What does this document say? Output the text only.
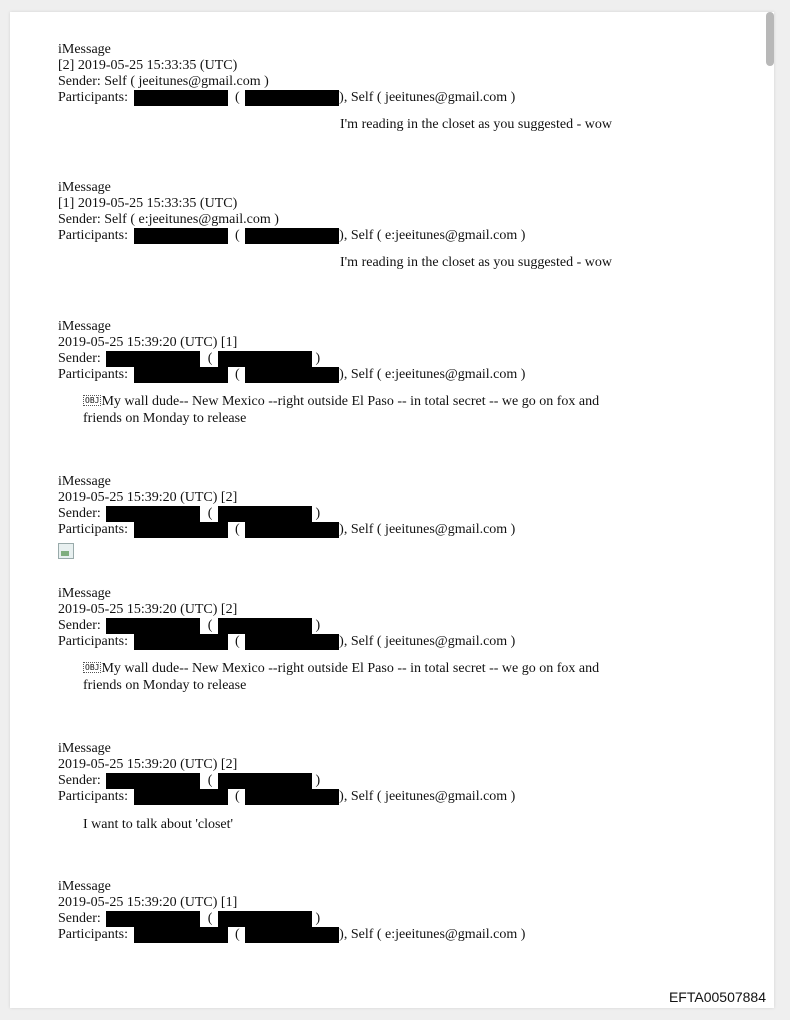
iMessage
[2] 2019-05-25 15:33:35 (UTC)
Sender: Self ( jeeitunes@gmail.com )
Participants:	(	), Self ( jeeitunes@gmail.com )
I'm reading in the closet as you suggested - wow
iMessage
[1] 2019-05-25 15:33:35 (UTC)
Sender: Self ( e:jeeitunes@gmail.com )
Participants:	(	), Self ( e:jeeitunes@gmail.com )
I'm reading in the closet as you suggested - wow
iMessage
2019-05-25 15:39:20 (UTC) [1]
Sender:	(	)
Participants:	(	), Self ( e:jeeitunes@gmail.com )
OBJ My wall dude-- New Mexico --right outside El Paso -- in total secret -- we go on fox and friends on Monday to release
iMessage
2019-05-25 15:39:20 (UTC) [2]
Sender:	(	)
Participants:	(	), Self ( jeeitunes@gmail.com )
iMessage
2019-05-25 15:39:20 (UTC) [2]
Sender:	(	)
Participants:	(	), Self ( jeeitunes@gmail.com )
OBJ My wall dude-- New Mexico --right outside El Paso -- in total secret -- we go on fox and friends on Monday to release
iMessage
2019-05-25 15:39:20 (UTC) [2]
Sender:	(	)
Participants:	(	), Self ( jeeitunes@gmail.com )
I want to talk about 'closet'
iMessage
2019-05-25 15:39:20 (UTC) [1]
Sender:	(	)
Participants:	(	), Self ( e:jeeitunes@gmail.com )
EFTA00507884
